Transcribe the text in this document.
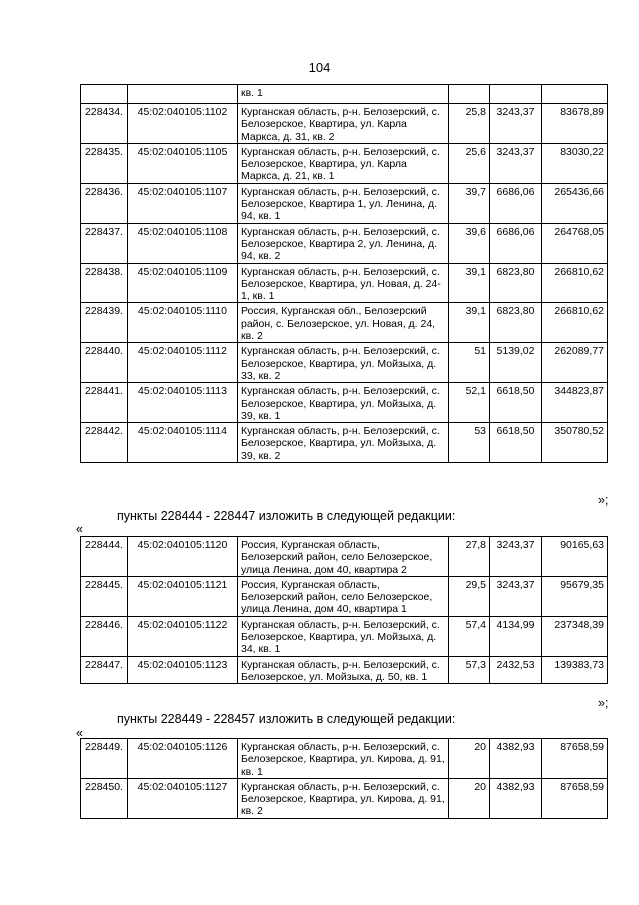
104
		кв. 1			
228434.	45:02:040105:1102	Курганская область, р-н. Белозерский, с. Белозерское, Квартира, ул. Карла Маркса, д. 31, кв. 2	25,8	3243,37	83678,89
228435.	45:02:040105:1105	Курганская область, р-н. Белозерский, с. Белозерское, Квартира, ул. Карла Маркса, д. 21, кв. 1	25,6	3243,37	83030,22
228436.	45:02:040105:1107	Курганская область, р-н. Белозерский, с. Белозерское, Квартира 1, ул. Ленина, д. 94, кв. 1	39,7	6686,06	265436,66
228437.	45:02:040105:1108	Курганская область, р-н. Белозерский, с. Белозерское, Квартира 2, ул. Ленина, д. 94, кв. 2	39,6	6686,06	264768,05
228438.	45:02:040105:1109	Курганская область, р-н. Белозерский, с. Белозерское, Квартира, ул. Новая, д. 24-1, кв. 1	39,1	6823,80	266810,62
228439.	45:02:040105:1110	Россия, Курганская обл., Белозерский район, с. Белозерское, ул. Новая, д. 24, кв. 2	39,1	6823,80	266810,62
228440.	45:02:040105:1112	Курганская область, р-н. Белозерский, с. Белозерское, Квартира, ул. Мойзыха, д. 33, кв. 2	51	5139,02	262089,77
228441.	45:02:040105:1113	Курганская область, р-н. Белозерский, с. Белозерское, Квартира, ул. Мойзыха, д. 39, кв. 1	52,1	6618,50	344823,87
228442.	45:02:040105:1114	Курганская область, р-н. Белозерский, с. Белозерское, Квартира, ул. Мойзыха, д. 39, кв. 2	53	6618,50	350780,52
»;
пункты 228444 - 228447 изложить в следующей редакции:
«
228444.	45:02:040105:1120	Россия, Курганская область, Белозерский район, село Белозерское, улица Ленина, дом 40, квартира 2	27,8	3243,37	90165,63
228445.	45:02:040105:1121	Россия, Курганская область, Белозерский район, село Белозерское, улица Ленина, дом 40, квартира 1	29,5	3243,37	95679,35
228446.	45:02:040105:1122	Курганская область, р-н. Белозерский, с. Белозерское, Квартира, ул. Мойзыха, д. 34, кв. 1	57,4	4134,99	237348,39
228447.	45:02:040105:1123	Курганская область, р-н. Белозерский, с. Белозерское, ул. Мойзыха, д. 50, кв. 1	57,3	2432,53	139383,73
»;
пункты 228449 - 228457 изложить в следующей редакции:
«
228449.	45:02:040105:1126	Курганская область, р-н. Белозерский, с. Белозерское, Квартира, ул. Кирова, д. 91, кв. 1	20	4382,93	87658,59
228450.	45:02:040105:1127	Курганская область, р-н. Белозерский, с. Белозерское, Квартира, ул. Кирова, д. 91, кв. 2	20	4382,93	87658,59
